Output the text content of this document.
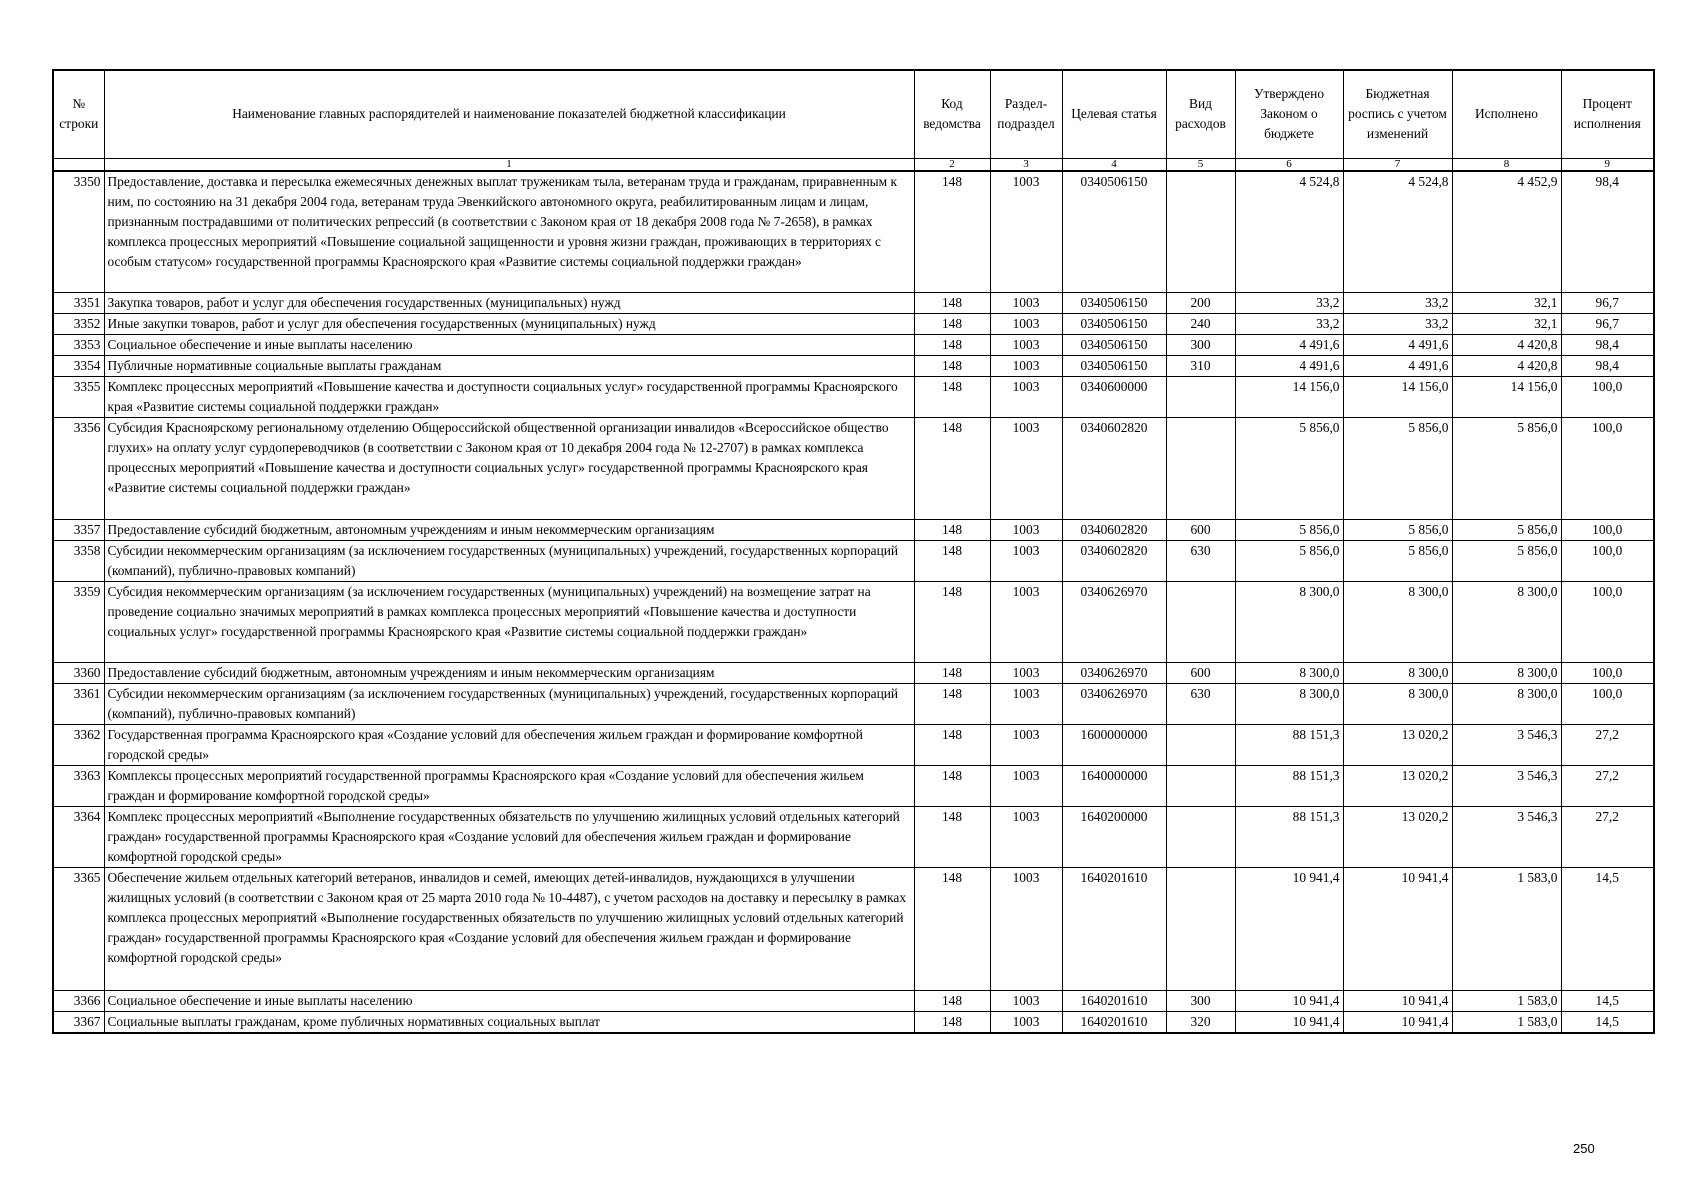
№ строки	Наименование главных распорядителей и наименование показателей бюджетной классификации	Код ведомства	Раздел-подраздел	Целевая статья	Вид расходов	Утверждено Законом о бюджете	Бюджетная роспись с учетом изменений	Исполнено	Процент исполнения
	1	2	3	4	5	6	7	8	9
3350	Предоставление, доставка и пересылка ежемесячных денежных выплат труженикам тыла, ветеранам труда и гражданам, приравненным к ним, по состоянию на 31 декабря 2004 года, ветеранам труда Эвенкийского автономного округа, реабилитированным лицам и лицам, признанным пострадавшими от политических репрессий (в соответствии с Законом края от 18 декабря 2008 года № 7-2658), в рамках комплекса процессных мероприятий «Повышение социальной защищенности и уровня жизни граждан, проживающих в территориях с особым статусом» государственной программы Красноярского края «Развитие системы социальной поддержки граждан»	148	1003	0340506150		4 524,8	4 524,8	4 452,9	98,4
3351	Закупка товаров, работ и услуг для обеспечения государственных (муниципальных) нужд	148	1003	0340506150	200	33,2	33,2	32,1	96,7
3352	Иные закупки товаров, работ и услуг для обеспечения государственных (муниципальных) нужд	148	1003	0340506150	240	33,2	33,2	32,1	96,7
3353	Социальное обеспечение и иные выплаты населению	148	1003	0340506150	300	4 491,6	4 491,6	4 420,8	98,4
3354	Публичные нормативные социальные выплаты гражданам	148	1003	0340506150	310	4 491,6	4 491,6	4 420,8	98,4
3355	Комплекс процессных мероприятий «Повышение качества и доступности социальных услуг» государственной программы Красноярского края «Развитие системы социальной поддержки граждан»	148	1003	0340600000		14 156,0	14 156,0	14 156,0	100,0
3356	Субсидия Красноярскому региональному отделению Общероссийской общественной организации инвалидов «Всероссийское общество глухих» на оплату услуг сурдопереводчиков (в соответствии с Законом края от 10 декабря 2004 года № 12-2707) в рамках комплекса процессных мероприятий «Повышение качества и доступности социальных услуг» государственной программы Красноярского края «Развитие системы социальной поддержки граждан»	148	1003	0340602820		5 856,0	5 856,0	5 856,0	100,0
3357	Предоставление субсидий бюджетным, автономным учреждениям и иным некоммерческим организациям	148	1003	0340602820	600	5 856,0	5 856,0	5 856,0	100,0
3358	Субсидии некоммерческим организациям (за исключением государственных (муниципальных) учреждений, государственных корпораций (компаний), публично-правовых компаний)	148	1003	0340602820	630	5 856,0	5 856,0	5 856,0	100,0
3359	Субсидия некоммерческим организациям (за исключением государственных (муниципальных) учреждений) на возмещение затрат на проведение социально значимых мероприятий в рамках комплекса процессных мероприятий «Повышение качества и доступности социальных услуг» государственной программы Красноярского края «Развитие системы социальной поддержки граждан»	148	1003	0340626970		8 300,0	8 300,0	8 300,0	100,0
3360	Предоставление субсидий бюджетным, автономным учреждениям и иным некоммерческим организациям	148	1003	0340626970	600	8 300,0	8 300,0	8 300,0	100,0
3361	Субсидии некоммерческим организациям (за исключением государственных (муниципальных) учреждений, государственных корпораций (компаний), публично-правовых компаний)	148	1003	0340626970	630	8 300,0	8 300,0	8 300,0	100,0
3362	Государственная программа Красноярского края «Создание условий для обеспечения жильем граждан и формирование комфортной городской среды»	148	1003	1600000000		88 151,3	13 020,2	3 546,3	27,2
3363	Комплексы процессных мероприятий государственной программы Красноярского края «Создание условий для обеспечения жильем граждан и формирование комфортной городской среды»	148	1003	1640000000		88 151,3	13 020,2	3 546,3	27,2
3364	Комплекс процессных мероприятий «Выполнение государственных обязательств по улучшению жилищных условий отдельных категорий граждан» государственной программы Красноярского края «Создание условий для обеспечения жильем граждан и формирование комфортной городской среды»	148	1003	1640200000		88 151,3	13 020,2	3 546,3	27,2
3365	Обеспечение жильем отдельных категорий ветеранов, инвалидов и семей, имеющих детей-инвалидов, нуждающихся в улучшении жилищных условий (в соответствии с Законом края от 25 марта 2010 года № 10-4487), с учетом расходов на доставку и пересылку в рамках комплекса процессных мероприятий «Выполнение государственных обязательств по улучшению жилищных условий отдельных категорий граждан» государственной программы Красноярского края «Создание условий для обеспечения жильем граждан и формирование комфортной городской среды»	148	1003	1640201610		10 941,4	10 941,4	1 583,0	14,5
3366	Социальное обеспечение и иные выплаты населению	148	1003	1640201610	300	10 941,4	10 941,4	1 583,0	14,5
3367	Социальные выплаты гражданам, кроме публичных нормативных социальных выплат	148	1003	1640201610	320	10 941,4	10 941,4	1 583,0	14,5
250
